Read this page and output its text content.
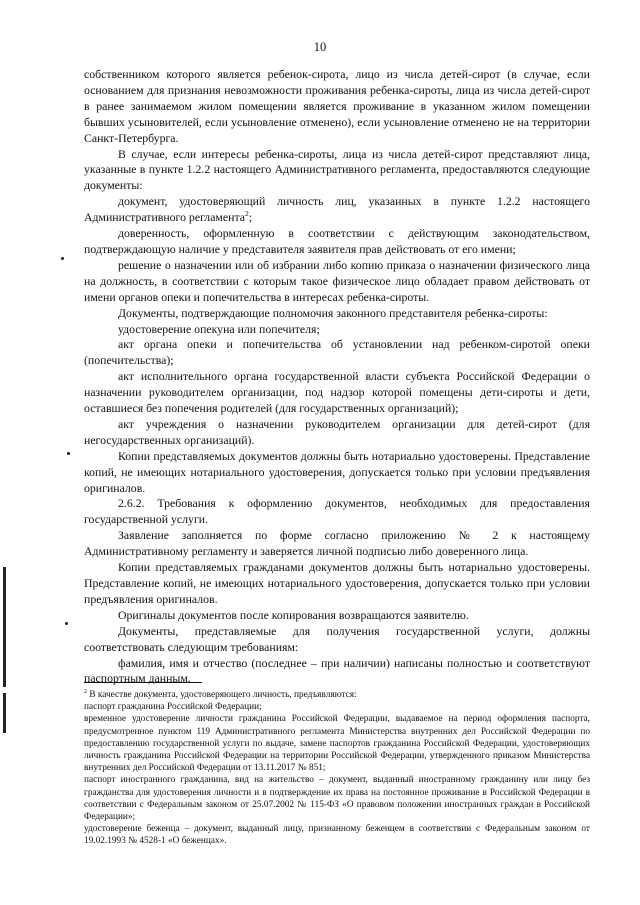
10

собственником которого является ребенок-сирота, лицо из числа детей-сирот (в случае, если основанием для признания невозможности проживания ребенка-сироты, лица из числа детей-сирот в ранее занимаемом жилом помещении является проживание в указанном жилом помещении бывших усыновителей, если усыновление отменено), если усыновление отменено не на территории Санкт-Петербурга.

В случае, если интересы ребенка-сироты, лица из числа детей-сирот представляют лица, указанные в пункте 1.2.2 настоящего Административного регламента, предоставляются следующие документы:

документ, удостоверяющий личность лиц, указанных в пункте 1.2.2 настоящего Административного регламента$^2$;

доверенность, оформленную в соответствии с действующим законодательством, подтверждающую наличие у представителя заявителя прав действовать от его имени;

решение о назначении или об избрании либо копию приказа о назначении физического лица на должность, в соответствии с которым такое физическое лицо обладает правом действовать от имени органов опеки и попечительства в интересах ребенка-сироты.

Документы, подтверждающие полномочия законного представителя ребенка-сироты:

удостоверение опекуна или попечителя;

акт органа опеки и попечительства об установлении над ребенком-сиротой опеки (попечительства);

акт исполнительного органа государственной власти субъекта Российской Федерации о назначении руководителем организации, под надзор которой помещены дети-сироты и дети, оставшиеся без попечения родителей (для государственных организаций);

акт учреждения о назначении руководителем организации для детей-сирот (для негосударственных организаций).

Копии представляемых документов должны быть нотариально удостоверены. Представление копий, не имеющих нотариального удостоверения, допускается только при условии предъявления оригиналов.

2.6.2. Требования к оформлению документов, необходимых для предоставления государственной услуги.

Заявление заполняется по форме согласно приложению № 2 к настоящему Административному регламенту и заверяется личной подписью либо доверенного лица.

Копии представляемых гражданами документов должны быть нотариально удостоверены. Представление копий, не имеющих нотариального удостоверения, допускается только при условии предъявления оригиналов.

Оригиналы документов после копирования возвращаются заявителю.

Документы, представляемые для получения государственной услуги, должны соответствовать следующим требованиям:

фамилия, имя и отчество (последнее – при наличии) написаны полностью и соответствуют паспортным данным.

$^2$ В качестве документа, удостоверяющего личность, предъявляются:

паспорт гражданина Российской Федерации;

временное удостоверение личности гражданина Российской Федерации, выдаваемое на период оформления паспорта, предусмотренное пунктом 119 Административного регламента Министерства внутренних дел Российской Федерации по предоставлению государственной услуги по выдаче, замене паспортов гражданина Российской Федерации, удостоверяющих личность гражданина Российской Федерации на территории Российской Федерации, утвержденного приказом Министерства внутренних дел Российской Федерации от 13.11.2017 № 851;

паспорт иностранного гражданина, вид на жительство – документ, выданный иностранному гражданину или лицу без гражданства для удостоверения личности и в подтверждение их права на постоянное проживание в Российской Федерации в соответствии с Федеральным законом от 25.07.2002 № 115-ФЗ «О правовом положении иностранных граждан в Российской Федерации»;

удостоверение беженца – документ, выданный лицу, признанному беженцем в соответствии с Федеральным законом от 19.02.1993 № 4528-1 «О беженцах».
